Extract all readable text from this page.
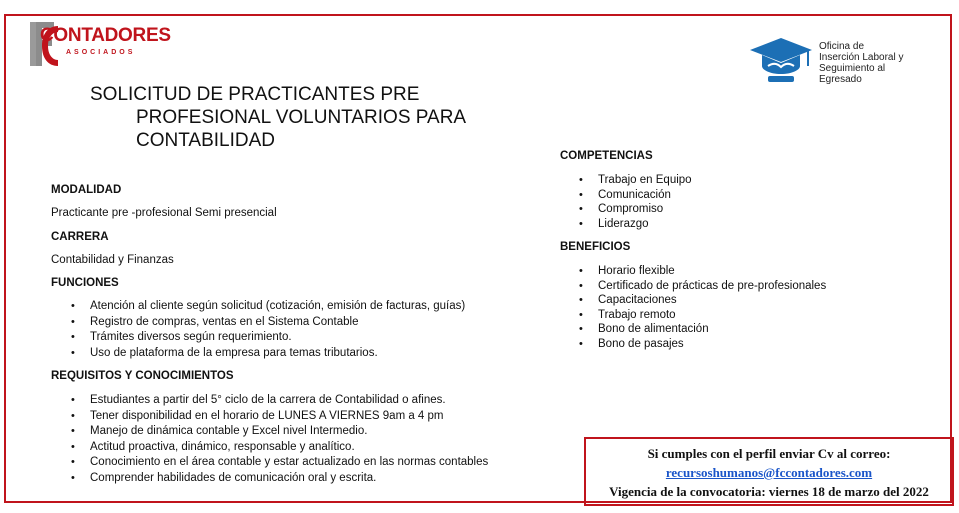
CONTADORES
ASOCIADOS
Oficina de
Inserción Laboral y
Seguimiento al
Egresado
SOLICITUD DE PRACTICANTES PRE
PROFESIONAL VOLUNTARIOS PARA
CONTABILIDAD
MODALIDAD
Practicante pre -profesional Semi presencial
CARRERA
Contabilidad y Finanzas
FUNCIONES
• Atención al cliente según solicitud (cotización, emisión de facturas, guías)
• Registro de compras, ventas en el Sistema Contable
• Trámites diversos según requerimiento.
• Uso de plataforma de la empresa para temas tributarios.
REQUISITOS Y CONOCIMIENTOS
• Estudiantes a partir del 5° ciclo de la carrera de Contabilidad o afines.
• Tener disponibilidad en el horario de LUNES A VIERNES 9am a 4 pm
• Manejo de dinámica contable y Excel nivel Intermedio.
• Actitud proactiva, dinámico, responsable y analítico.
• Conocimiento en el área contable y estar actualizado en las normas contables
• Comprender habilidades de comunicación oral y escrita.
COMPETENCIAS
• Trabajo en Equipo
• Comunicación
• Compromiso
• Liderazgo
BENEFICIOS
• Horario flexible
• Certificado de prácticas de pre-profesionales
• Capacitaciones
• Trabajo remoto
• Bono de alimentación
• Bono de pasajes
Si cumples con el perfil enviar Cv al correo:
recursoshumanos@fccontadores.com
Vigencia de la convocatoria: viernes 18 de marzo del 2022
